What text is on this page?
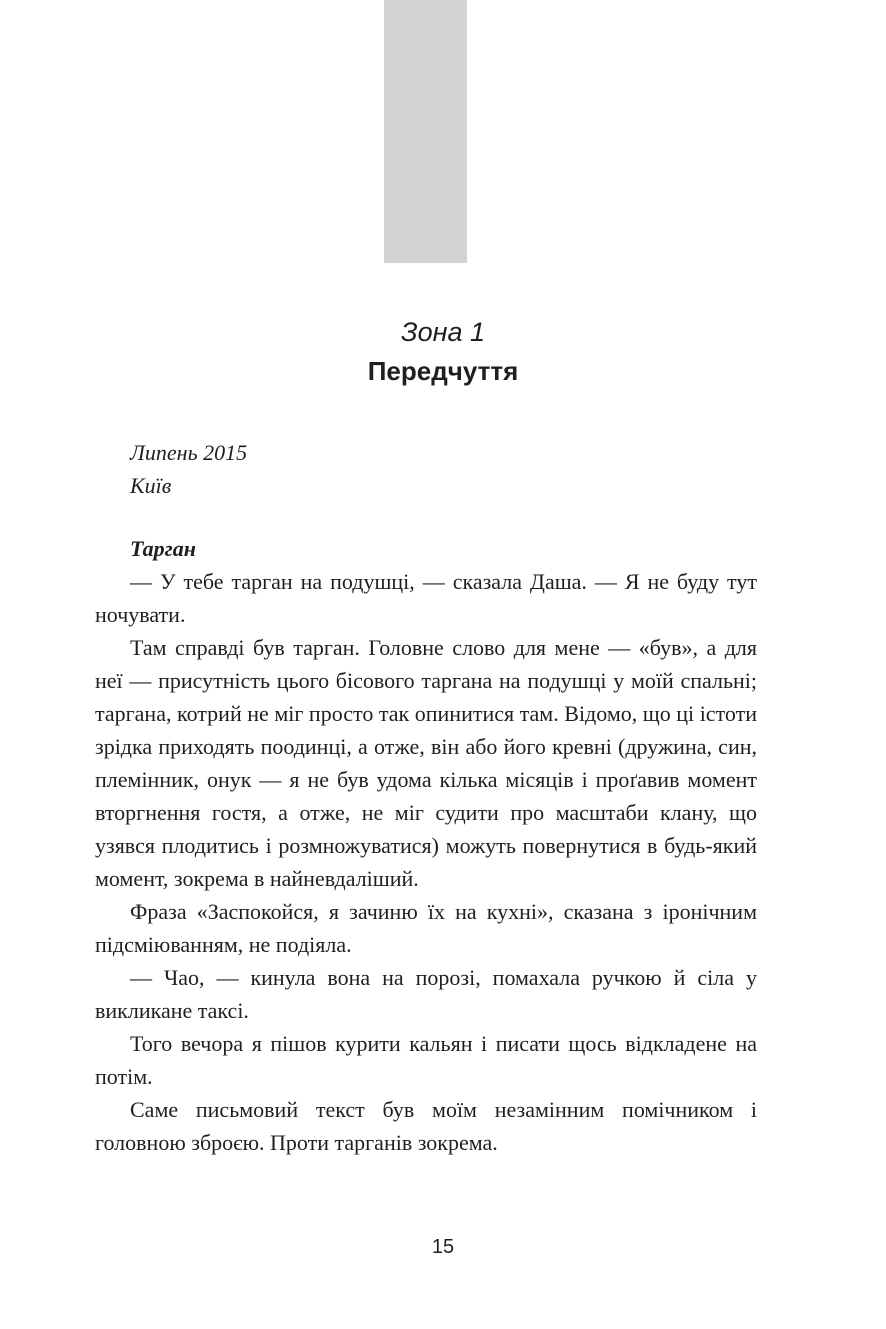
Зона 1
Передчуття
Липень 2015
Київ

Тарган

— У тебе тарган на подушці, — сказала Даша. — Я не буду тут ночувати.

Там справді був тарган. Головне слово для мене — «був», а для неї — присутність цього бісового таргана на подушці у моїй спальні; таргана, котрий не міг просто так опинитися там. Відомо, що ці істоти зрідка приходять поодинці, а отже, він або його кревні (дружина, син, племінник, онук — я не був удома кілька місяців і проґавив момент вторгнення гостя, а отже, не міг судити про масштаби клану, що узявся плодитись і розмножуватися) можуть повернутися в будь-який момент, зокрема в найневдаліший.

Фраза «Заспокойся, я зачиню їх на кухні», сказана з іронічним підсміюванням, не подіяла.

— Чао, — кинула вона на порозі, помахала ручкою й сіла у викликане таксі.

Того вечора я пішов курити кальян і писати щось відкладене на потім.

Саме письмовий текст був моїм незамінним помічником і головною зброєю. Проти тарганів зокрема.

15
